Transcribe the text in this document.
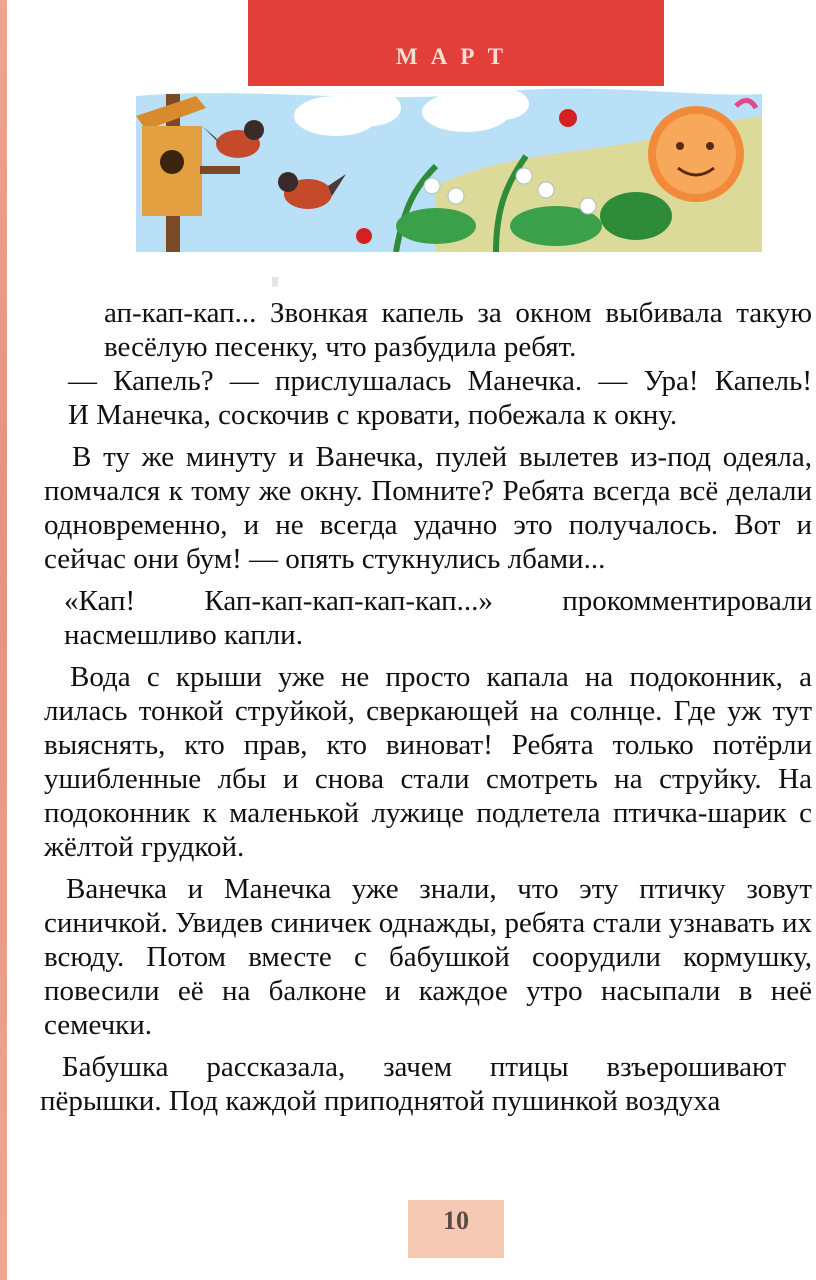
МАРТ
|||

ап-кап-кап... Звонкая капель за окном выбивала такую весёлую песенку, что разбудила ребят.

— Капель? — прислушалась Манечка. — Ура! Капель!

И Манечка, соскочив с кровати, побежала к окну.

В ту же минуту и Ванечка, пулей вылетев из-под одеяла, помчался к тому же окну. Помните? Ребята всегда всё делали одновременно, и не всегда удачно это получалось. Вот и сейчас они бум! — опять стукнулись лбами...

«Кап! Кап-кап-кап-кап-кап...» прокомментировали насмешливо капли.

Вода с крыши уже не просто капала на подоконник, а лилась тонкой струйкой, сверкающей на солнце. Где уж тут выяснять, кто прав, кто виноват! Ребята только потёрли ушибленные лбы и снова стали смотреть на струйку. На подоконник к маленькой лужице подлетела птичка-шарик с жёлтой грудкой.

Ванечка и Манечка уже знали, что эту птичку зовут синичкой. Увидев синичек однажды, ребята стали узнавать их всюду. Потом вместе с бабушкой соорудили кормушку, повесили её на балконе и каждое утро насыпали в неё семечки.

Бабушка рассказала, зачем птицы взъерошивают пёрышки. Под каждой приподнятой пушинкой воздуха

10
